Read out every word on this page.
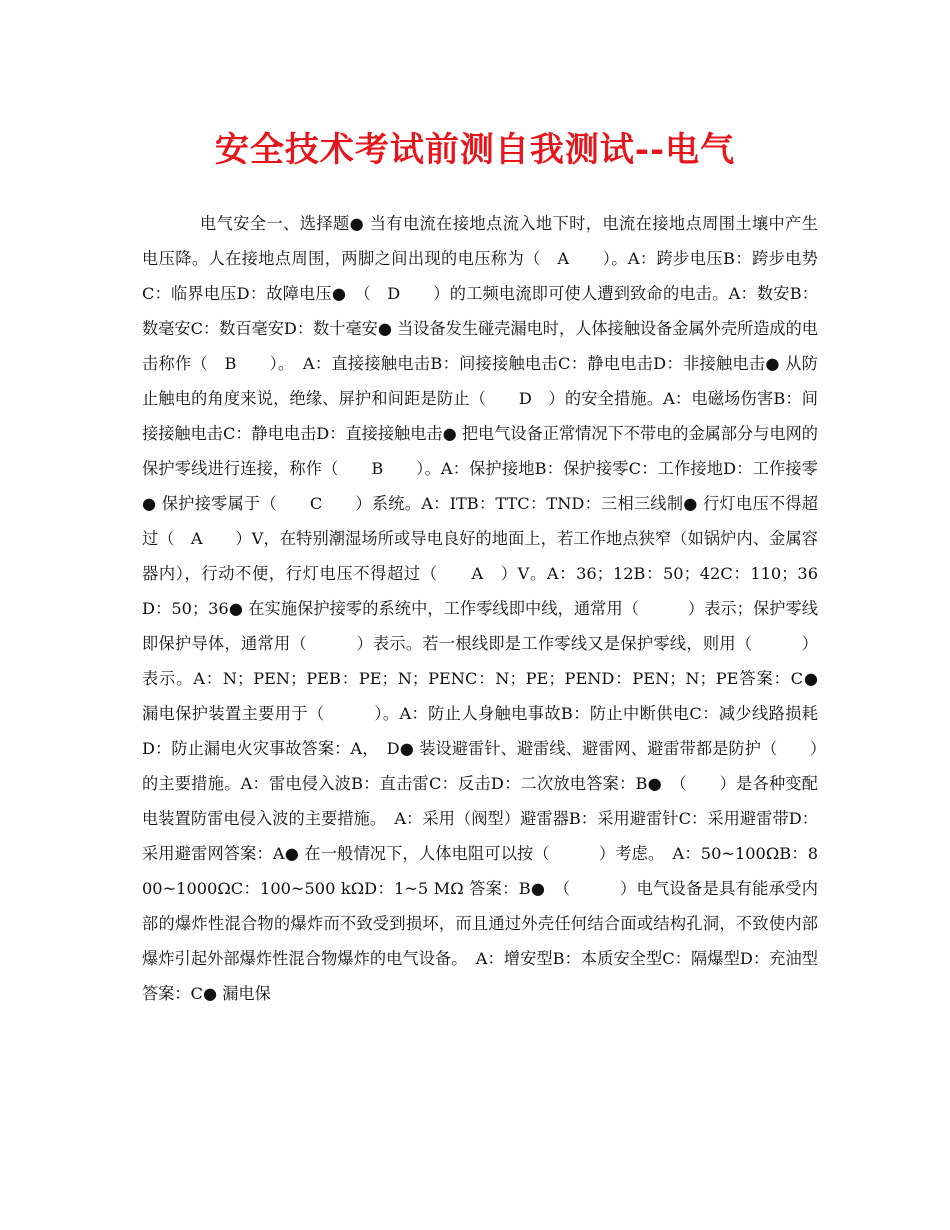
安全技术考试前测自我测试--电气

电气安全一、选择题● 当有电流在接地点流入地下时，电流在接地点周围土壤中产生电压降。人在接地点周围，两脚之间出现的电压称为（　A　　）。A：跨步电压B：跨步电势C：临界电压D：故障电压●　（　D　　）的工频电流即可使人遭到致命的电击。A：数安B：数毫安C：数百毫安D：数十毫安● 当设备发生碰壳漏电时，人体接触设备金属外壳所造成的电击称作（　B　　）。　A：直接接触电击B：间接接触电击C：静电电击D：非接触电击● 从防止触电的角度来说，绝缘、屏护和间距是防止（　　D　）的安全措施。A：电磁场伤害B：间接接触电击C：静电电击D：直接接触电击● 把电气设备正常情况下不带电的金属部分与电网的保护零线进行连接，称作（　　B　　）。A：保护接地B：保护接零C：工作接地D：工作接零● 保护接零属于（　　C　　）系统。A：ITB：TTC：TND：三相三线制● 行灯电压不得超过（　A　　）V，在特别潮湿场所或导电良好的地面上，若工作地点狭窄（如锅炉内、金属容器内），行动不便，行灯电压不得超过（　　A　）V。A：36；12B：50；42C：110；36D：50；36● 在实施保护接零的系统中，工作零线即中线，通常用（　　　）表示；保护零线即保护导体，通常用（　　　）表示。若一根线即是工作零线又是保护零线，则用（　　　）表示。A：N；PEN；PEB：PE；N；PENC：N；PE；PEND：PEN；N；PE答案：C● 漏电保护装置主要用于（　　　）。A：防止人身触电事故B：防止中断供电C：减少线路损耗D：防止漏电火灾事故答案：A，　D● 装设避雷针、避雷线、避雷网、避雷带都是防护（　　）的主要措施。A：雷电侵入波B：直击雷C：反击D：二次放电答案：B●　（　　）是各种变配电装置防雷电侵入波的主要措施。　A：采用（阀型）避雷器B：采用避雷针C：采用避雷带D：采用避雷网答案：A● 在一般情况下，人体电阻可以按（　　　）考虑。　A：50~100ΩB：800~1000ΩC：100~500 kΩD：1~5 MΩ 答案：B●　（　　　）电气设备是具有能承受内部的爆炸性混合物的爆炸而不致受到损坏，而且通过外壳任何结合面或结构孔洞，不致使内部爆炸引起外部爆炸性混合物爆炸的电气设备。　A：增安型B：本质安全型C：隔爆型D：充油型答案：C● 漏电保
